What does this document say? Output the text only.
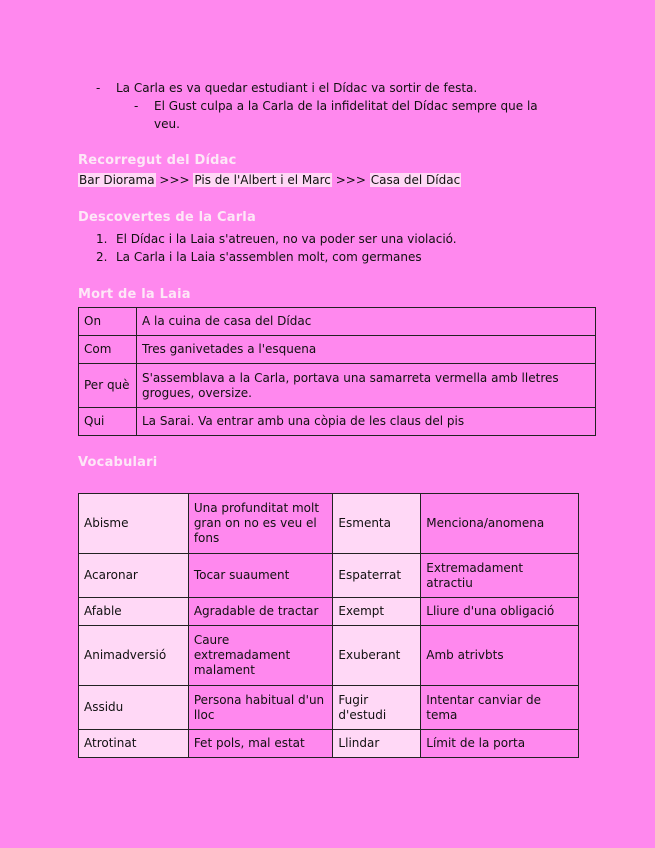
-	La Carla es va quedar estudiant i el Dídac va sortir de festa.
-	El Gust culpa a la Carla de la infidelitat del Dídac sempre que la veu.
Recorregut del Dídac
Bar Diorama >>> Pis de l'Albert i el Marc >>> Casa del Dídac
Descovertes de la Carla
1. El Dídac i la Laia s'atreuen, no va poder ser una violació.
2. La Carla i la Laia s'assemblen molt, com germanes
Mort de la Laia
On	A la cuina de casa del Dídac
Com	Tres ganivetades a l'esquena
Per què	S'assemblava a la Carla, portava una samarreta vermella amb lletres grogues, oversize.
Qui	La Sarai. Va entrar amb una còpia de les claus del pis
Vocabulari
Abisme	Una profunditat molt gran on no es veu el fons	Esmenta	Menciona/anomena
Acaronar	Tocar suaument	Espaterrat	Extremadament atractiu
Afable	Agradable de tractar	Exempt	Lliure d'una obligació
Animadversió	Caure extremadament malament	Exuberant	Amb atrivbts
Assidu	Persona habitual d'un lloc	Fugir d'estudi	Intentar canviar de tema
Atrotinat	Fet pols, mal estat	Llindar	Límit de la porta
